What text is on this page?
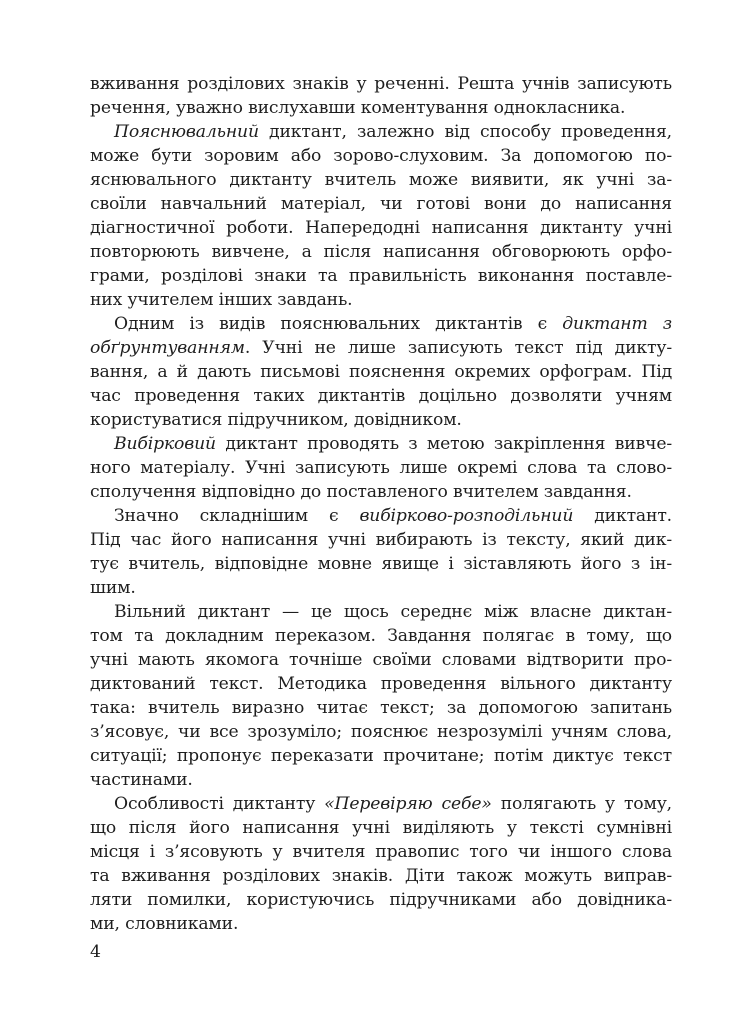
вживання розділових знаків у реченні. Решта учнів записують
речення, уважно вислухавши коментування однокласника.
Пояснювальний диктант, залежно від способу проведення,
може бути зоровим або зорово-слуховим. За допомогою по-
яснювального диктанту вчитель може виявити, як учні за-
своїли навчальний матеріал, чи готові вони до написання
діагностичної роботи. Напередодні написання диктанту учні
повторюють вивчене, а після написання обговорюють орфо-
грами, розділові знаки та правильність виконання поставле-
них учителем інших завдань.
Одним із видів пояснювальних диктантів є диктант з
обґрунтуванням. Учні не лише записують текст під дикту-
вання, а й дають письмові пояснення окремих орфограм. Під
час проведення таких диктантів доцільно дозволяти учням
користуватися підручником, довідником.
Вибірковий диктант проводять з метою закріплення вивче-
ного матеріалу. Учні записують лише окремі слова та слово-
сполучення відповідно до поставленого вчителем завдання.
Значно складнішим є вибірково-розподільний диктант.
Під час його написання учні вибирають із тексту, який дик-
тує вчитель, відповідне мовне явище і зіставляють його з ін-
шим.
Вільний диктант — це щось середнє між власне диктан-
том та докладним переказом. Завдання полягає в тому, що
учні мають якомога точніше своїми словами відтворити про-
диктований текст. Методика проведення вільного диктанту
така: вчитель виразно читає текст; за допомогою запитань
з’ясовує, чи все зрозуміло; пояснює незрозумілі учням слова,
ситуації; пропонує переказати прочитане; потім диктує текст
частинами.
Особливості диктанту «Перевіряю себе» полягають у тому,
що після його написання учні виділяють у тексті сумнівні
місця і з’ясовують у вчителя правопис того чи іншого слова
та вживання розділових знаків. Діти також можуть виправ-
ляти помилки, користуючись підручниками або довідника-
ми, словниками.
4
